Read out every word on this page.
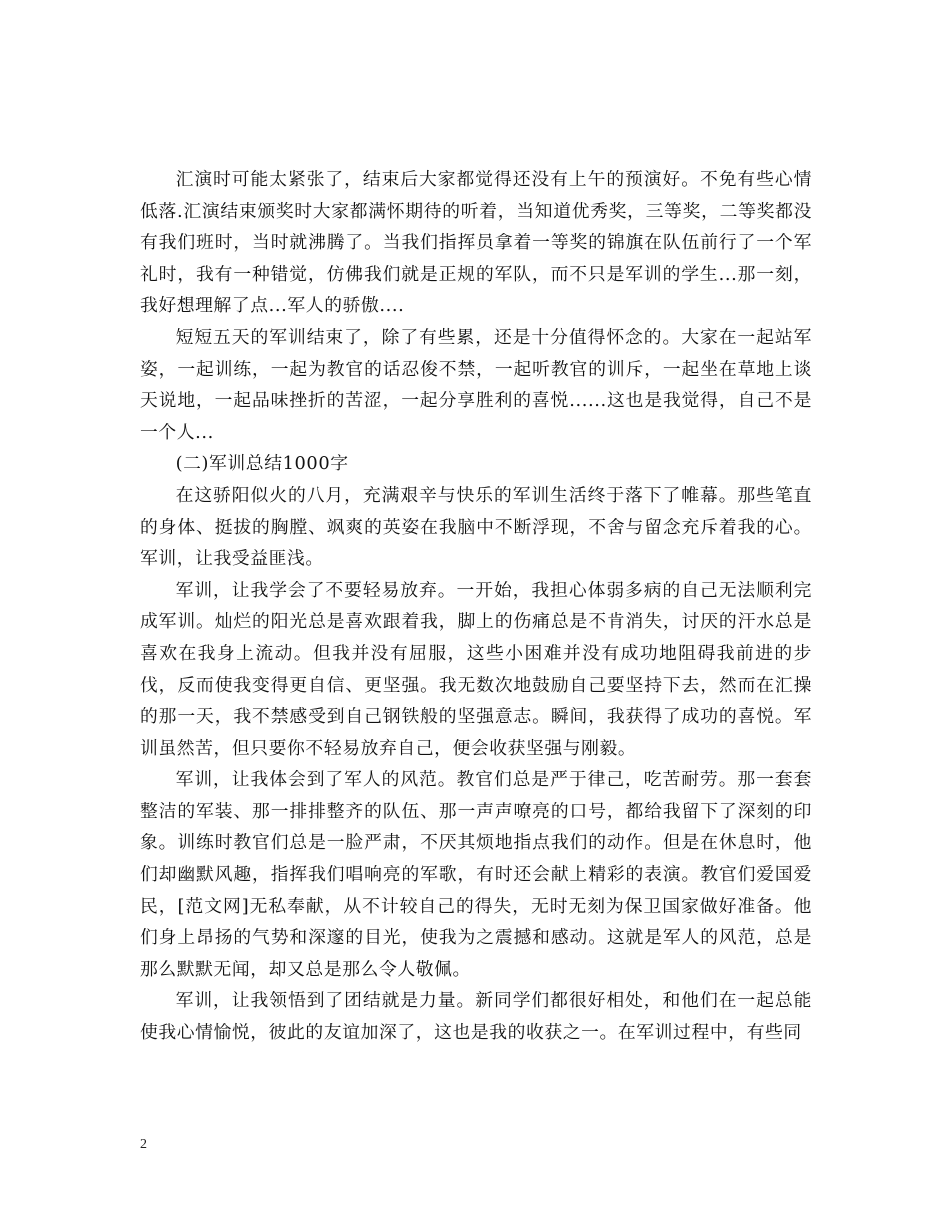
汇演时可能太紧张了，结束后大家都觉得还没有上午的预演好。不免有些心情低落.汇演结束颁奖时大家都满怀期待的听着，当知道优秀奖，三等奖，二等奖都没有我们班时，当时就沸腾了。当我们指挥员拿着一等奖的锦旗在队伍前行了一个军礼时，我有一种错觉，仿佛我们就是正规的军队，而不只是军训的学生...那一刻，我好想理解了点...军人的骄傲....

短短五天的军训结束了，除了有些累，还是十分值得怀念的。大家在一起站军姿，一起训练，一起为教官的话忍俊不禁，一起听教官的训斥，一起坐在草地上谈天说地，一起品味挫折的苦涩，一起分享胜利的喜悦......这也是我觉得，自己不是一个人...

(二)军训总结1000字

在这骄阳似火的八月，充满艰辛与快乐的军训生活终于落下了帷幕。那些笔直的身体、挺拔的胸膛、飒爽的英姿在我脑中不断浮现，不舍与留念充斥着我的心。军训，让我受益匪浅。

军训，让我学会了不要轻易放弃。一开始，我担心体弱多病的自己无法顺利完成军训。灿烂的阳光总是喜欢跟着我，脚上的伤痛总是不肯消失，讨厌的汗水总是喜欢在我身上流动。但我并没有屈服，这些小困难并没有成功地阻碍我前进的步伐，反而使我变得更自信、更坚强。我无数次地鼓励自己要坚持下去，然而在汇操的那一天，我不禁感受到自己钢铁般的坚强意志。瞬间，我获得了成功的喜悦。军训虽然苦，但只要你不轻易放弃自己，便会收获坚强与刚毅。

军训，让我体会到了军人的风范。教官们总是严于律己，吃苦耐劳。那一套套整洁的军装、那一排排整齐的队伍、那一声声嘹亮的口号，都给我留下了深刻的印象。训练时教官们总是一脸严肃，不厌其烦地指点我们的动作。但是在休息时，他们却幽默风趣，指挥我们唱响亮的军歌，有时还会献上精彩的表演。教官们爱国爱民，[范文网]无私奉献，从不计较自己的得失，无时无刻为保卫国家做好准备。他们身上昂扬的气势和深邃的目光，使我为之震撼和感动。这就是军人的风范，总是那么默默无闻，却又总是那么令人敬佩。

军训，让我领悟到了团结就是力量。新同学们都很好相处，和他们在一起总能使我心情愉悦，彼此的友谊加深了，这也是我的收获之一。在军训过程中，有些同

2
